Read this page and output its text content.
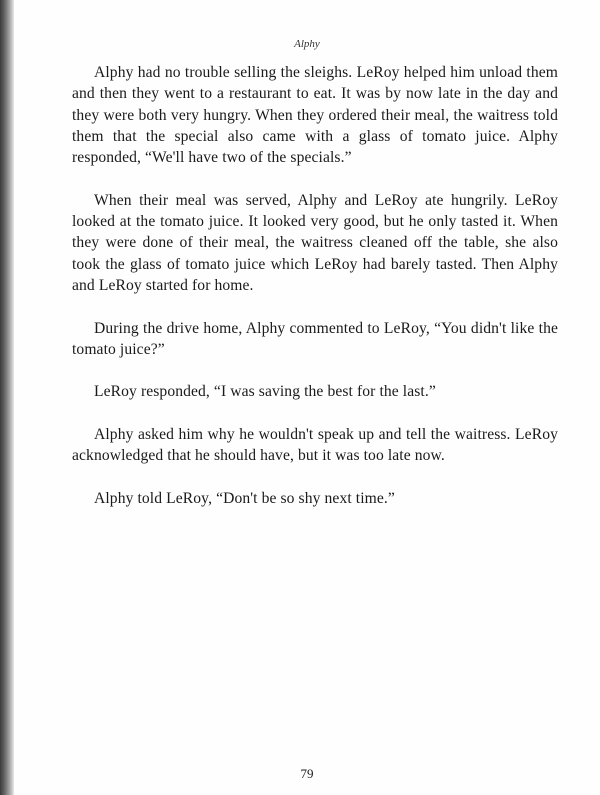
Alphy

Alphy had no trouble selling the sleighs. LeRoy helped him unload them and then they went to a restaurant to eat. It was by now late in the day and they were both very hungry. When they ordered their meal, the waitress told them that the special also came with a glass of tomato juice. Alphy responded, “We'll have two of the specials.”

When their meal was served, Alphy and LeRoy ate hungrily. LeRoy looked at the tomato juice. It looked very good, but he only tasted it. When they were done of their meal, the waitress cleaned off the table, she also took the glass of tomato juice which LeRoy had barely tasted. Then Alphy and LeRoy started for home.

During the drive home, Alphy commented to LeRoy, “You didn't like the tomato juice?”

LeRoy responded, “I was saving the best for the last.”

Alphy asked him why he wouldn't speak up and tell the waitress. LeRoy acknowledged that he should have, but it was too late now.

Alphy told LeRoy, “Don't be so shy next time.”

79
